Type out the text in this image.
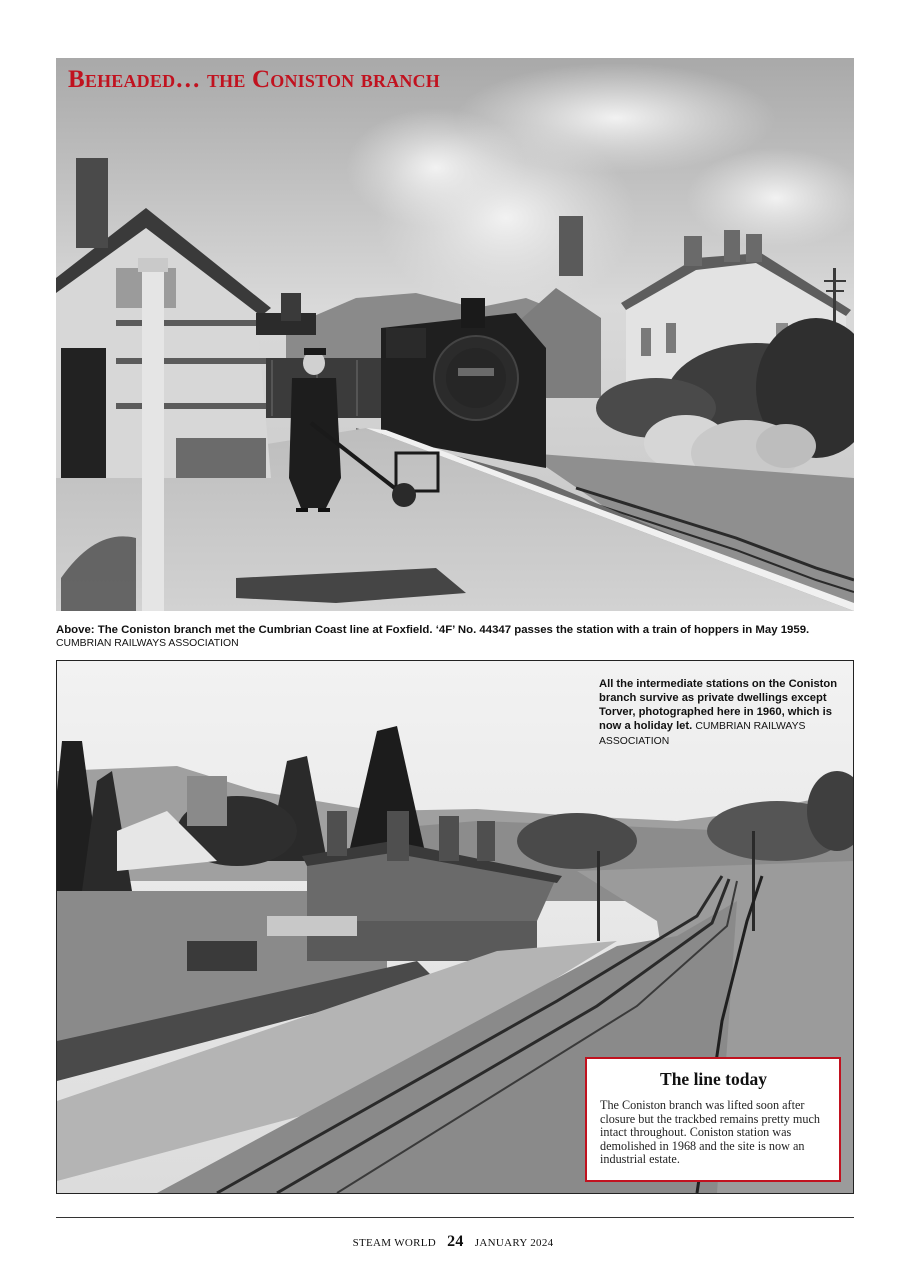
Beheaded… the Coniston branch
Above: The Coniston branch met the Cumbrian Coast line at Foxfield. ‘4F’ No. 44347 passes the station with a train of hoppers in May 1959.
CUMBRIAN RAILWAYS ASSOCIATION
All the intermediate stations on the Coniston branch survive as private dwellings except Torver, photographed here in 1960, which is now a holiday let. CUMBRIAN RAILWAYS ASSOCIATION
The line today

The Coniston branch was lifted soon after closure but the trackbed remains pretty much intact throughout. Coniston station was demolished in 1968 and the site is now an industrial estate.

STEAM WORLD 24 JANUARY 2024
